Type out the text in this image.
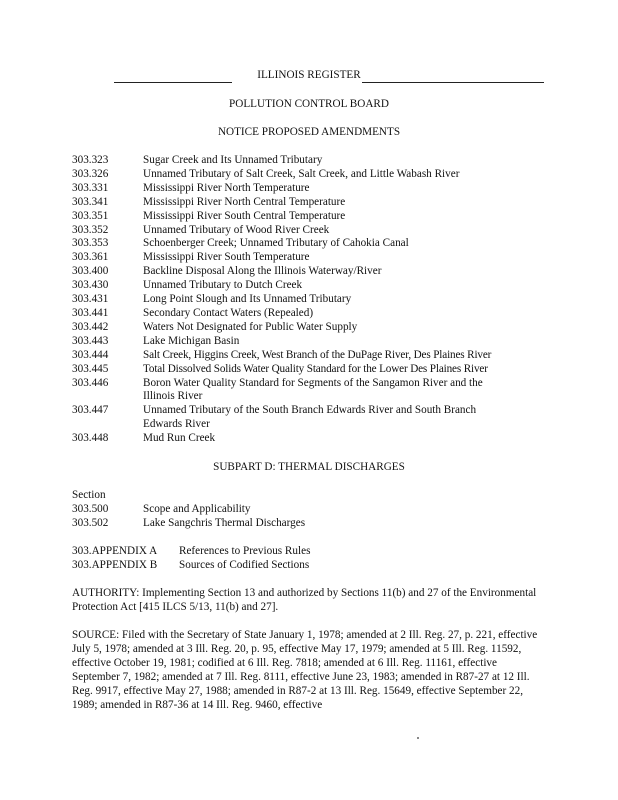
ILLINOIS REGISTER
POLLUTION CONTROL BOARD
NOTICE PROPOSED AMENDMENTS
303.323	Sugar Creek and Its Unnamed Tributary
303.326	Unnamed Tributary of Salt Creek, Salt Creek, and Little Wabash River
303.331	Mississippi River North Temperature
303.341	Mississippi River North Central Temperature
303.351	Mississippi River South Central Temperature
303.352	Unnamed Tributary of Wood River Creek
303.353	Schoenberger Creek; Unnamed Tributary of Cahokia Canal
303.361	Mississippi River South Temperature
303.400	Backline Disposal Along the Illinois Waterway/River
303.430	Unnamed Tributary to Dutch Creek
303.431	Long Point Slough and Its Unnamed Tributary
303.441	Secondary Contact Waters (Repealed)
303.442	Waters Not Designated for Public Water Supply
303.443	Lake Michigan Basin
303.444	Salt Creek, Higgins Creek, West Branch of the DuPage River, Des Plaines River
303.445	Total Dissolved Solids Water Quality Standard for the Lower Des Plaines River
303.446	Boron Water Quality Standard for Segments of the Sangamon River and the Illinois River
303.447	Unnamed Tributary of the South Branch Edwards River and South Branch Edwards River
303.448	Mud Run Creek
SUBPART D: THERMAL DISCHARGES
Section
303.500	Scope and Applicability
303.502	Lake Sangchris Thermal Discharges
303.APPENDIX A	References to Previous Rules
303.APPENDIX B	Sources of Codified Sections

AUTHORITY: Implementing Section 13 and authorized by Sections 11(b) and 27 of the Environmental Protection Act [415 ILCS 5/13, 11(b) and 27].

SOURCE: Filed with the Secretary of State January 1, 1978; amended at 2 Ill. Reg. 27, p. 221, effective July 5, 1978; amended at 3 Ill. Reg. 20, p. 95, effective May 17, 1979; amended at 5 Ill. Reg. 11592, effective October 19, 1981; codified at 6 Ill. Reg. 7818; amended at 6 Ill. Reg. 11161, effective September 7, 1982; amended at 7 Ill. Reg. 8111, effective June 23, 1983; amended in R87-27 at 12 Ill. Reg. 9917, effective May 27, 1988; amended in R87-2 at 13 Ill. Reg. 15649, effective September 22, 1989; amended in R87-36 at 14 Ill. Reg. 9460, effective
